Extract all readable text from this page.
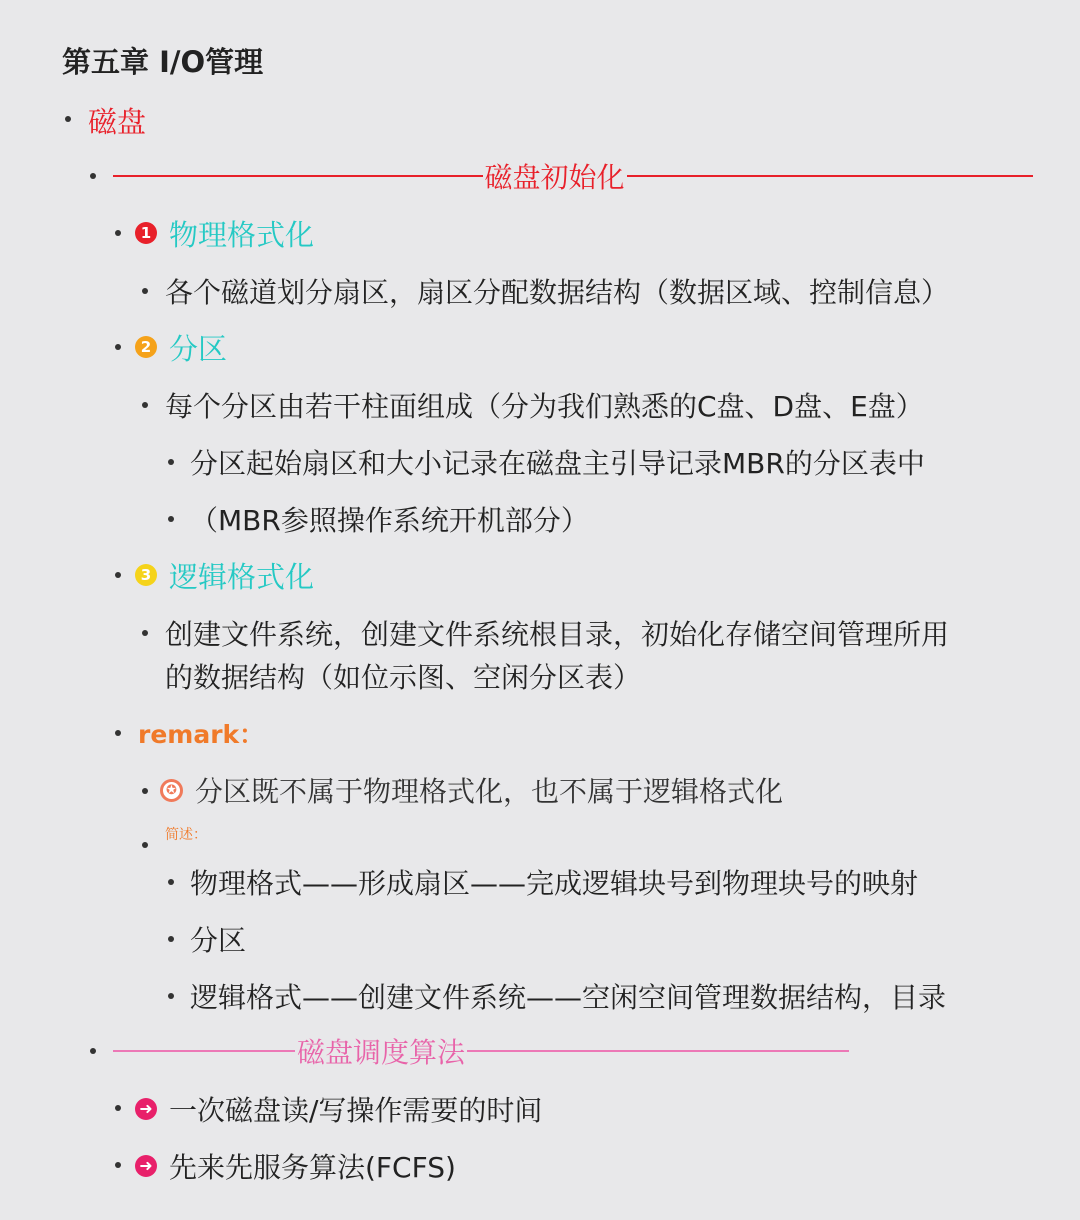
第五章 I/O管理
磁盘
磁盘初始化
1 物理格式化
各个磁道划分扇区，扇区分配数据结构（数据区域、控制信息）
2 分区
每个分区由若干柱面组成（分为我们熟悉的C盘、D盘、E盘）
分区起始扇区和大小记录在磁盘主引导记录MBR的分区表中
（MBR参照操作系统开机部分）
3 逻辑格式化
创建文件系统，创建文件系统根目录，初始化存储空间管理所用
的数据结构（如位示图、空闲分区表）
remark：
✪ 分区既不属于物理格式化，也不属于逻辑格式化
简述：
物理格式——形成扇区——完成逻辑块号到物理块号的映射
分区
逻辑格式——创建文件系统——空闲空间管理数据结构，目录
磁盘调度算法
➜ 一次磁盘读/写操作需要的时间
➜ 先来先服务算法(FCFS)
